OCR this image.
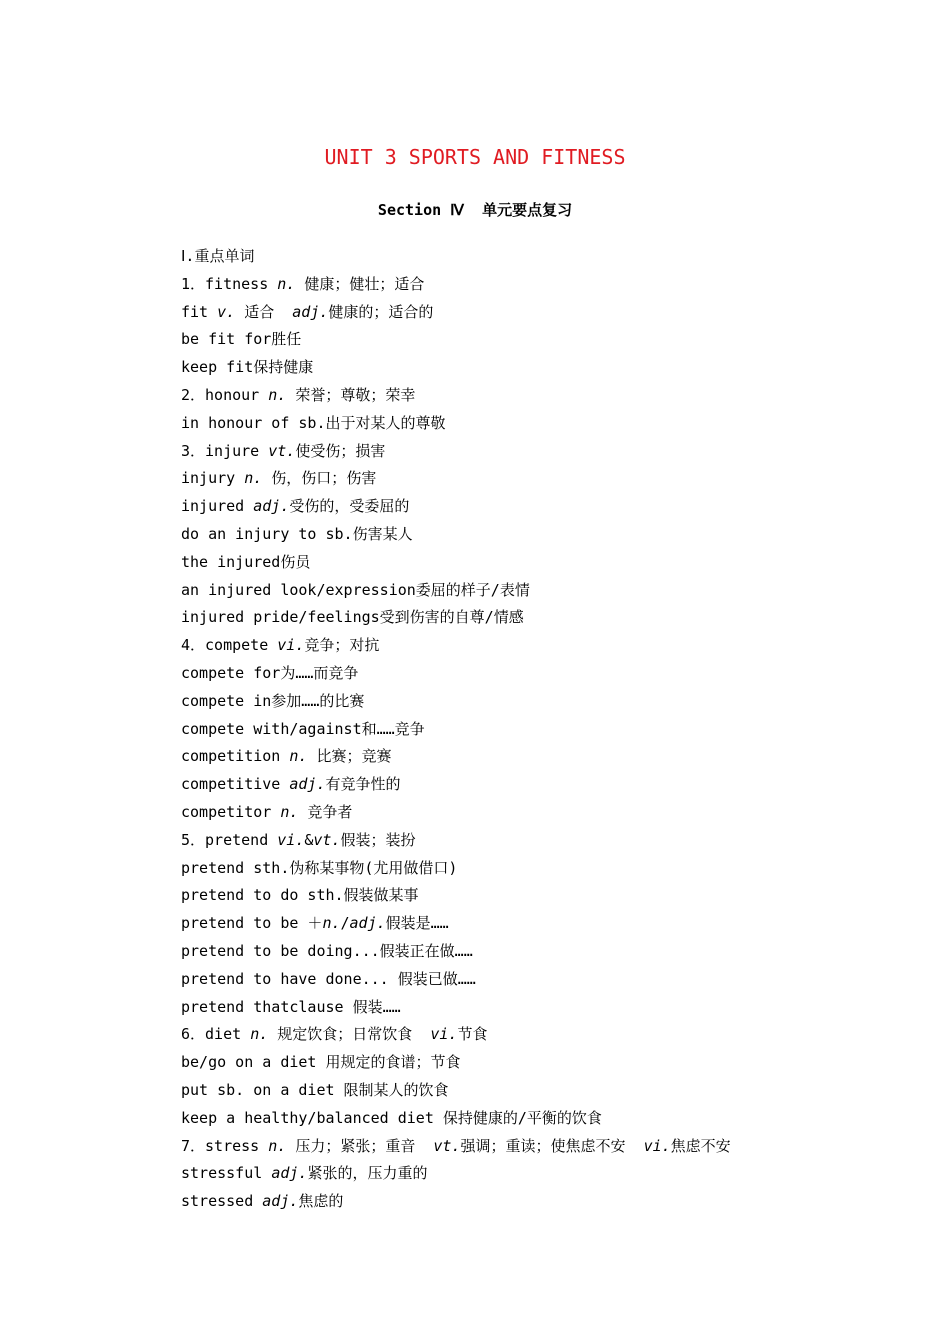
UNIT 3 SPORTS AND FITNESS
Section Ⅳ  单元要点复习
Ⅰ.重点单词
1．fitness n. 健康；健壮；适合
fit v. 适合  adj.健康的；适合的
be fit for胜任
keep fit保持健康
2．honour n. 荣誉；尊敬；荣幸
in honour of sb.出于对某人的尊敬
3．injure vt.使受伤；损害
injury n. 伤，伤口；伤害
injured adj.受伤的，受委屈的
do an injury to sb.伤害某人
the injured伤员
an injured look/expression委屈的样子/表情
injured pride/feelings受到伤害的自尊/情感
4．compete vi.竞争；对抗
compete for为……而竞争
compete in参加……的比赛
compete with/against和……竞争
competition n. 比赛；竞赛
competitive adj.有竞争性的
competitor n. 竞争者
5．pretend vi.&vt.假装；装扮
pretend sth.伪称某事物(尤用做借口)
pretend to do sth.假装做某事
pretend to be ＋n./adj.假装是……
pretend to be doing...假装正在做……
pretend to have done... 假装已做……
pretend thatclause 假装……
6．diet n. 规定饮食；日常饮食  vi.节食
be/go on a diet 用规定的食谱；节食
put sb. on a diet 限制某人的饮食
keep a healthy/balanced diet 保持健康的/平衡的饮食
7．stress n. 压力；紧张；重音  vt.强调；重读；使焦虑不安  vi.焦虑不安
stressful adj.紧张的，压力重的
stressed adj.焦虑的
